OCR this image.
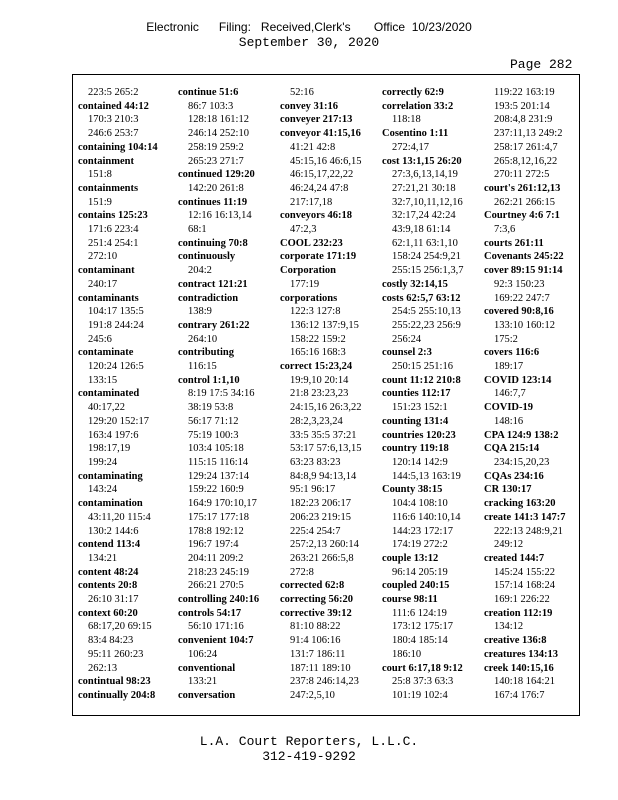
Electronic      Filing:   Received,Clerk's       Office  10/23/2020
September 30, 2020
Page 282
223:5 265:2
contained 44:12
170:3 210:3
246:6 253:7
containing 104:14
containment
151:8
containments
151:9
contains 125:23
171:6 223:4
251:4 254:1
272:10
contaminant
240:17
contaminants
104:17 135:5
191:8 244:24
245:6
contaminate
120:24 126:5
133:15
contaminated
40:17,22
129:20 152:17
163:4 197:6
198:17,19
199:24
contaminating
143:24
contamination
43:11,20 115:4
130:2 144:6
contend 113:4
134:21
content 48:24
contents 20:8
26:10 31:17
context 60:20
68:17,20 69:15
83:4 84:23
95:11 260:23
262:13
contintual 98:23
continually 204:8
continue 51:6
86:7 103:3
128:18 161:12
246:14 252:10
258:19 259:2
265:23 271:7
continued 129:20
142:20 261:8
continues 11:19
12:16 16:13,14
68:1
continuing 70:8
continuously
204:2
contract 121:21
contradiction
138:9
contrary 261:22
264:10
contributing
116:15
control 1:1,10
8:19 17:5 34:16
38:19 53:8
56:17 71:12
75:19 100:3
103:4 105:18
115:15 116:14
129:24 137:14
159:22 160:9
164:9 170:10,17
175:17 177:18
178:8 192:12
196:7 197:4
204:11 209:2
218:23 245:19
266:21 270:5
controlling 240:16
controls 54:17
56:10 171:16
convenient 104:7
106:24
conventional
133:21
conversation
52:16
convey 31:16
conveyer 217:13
conveyor 41:15,16
41:21 42:8
45:15,16 46:6,15
46:15,17,22,22
46:24,24 47:8
217:17,18
conveyors 46:18
47:2,3
COOL 232:23
corporate 171:19
Corporation
177:19
corporations
122:3 127:8
136:12 137:9,15
158:22 159:2
165:16 168:3
correct 15:23,24
19:9,10 20:14
21:8 23:23,23
24:15,16 26:3,22
28:2,3,23,24
33:5 35:5 37:21
53:17 57:6,13,15
63:23 83:23
84:8,9 94:13,14
95:1 96:17
182:23 206:17
206:23 219:15
225:4 254:7
257:2,13 260:14
263:21 266:5,8
272:8
corrected 62:8
correcting 56:20
corrective 39:12
81:10 88:22
91:4 106:16
131:7 186:11
187:11 189:10
237:8 246:14,23
247:2,5,10
correctly 62:9
correlation 33:2
118:18
Cosentino 1:11
272:4,17
cost 13:1,15 26:20
27:3,6,13,14,19
27:21,21 30:18
32:7,10,11,12,16
32:17,24 42:24
43:9,18 61:14
62:1,11 63:1,10
158:24 254:9,21
255:15 256:1,3,7
costly 32:14,15
costs 62:5,7 63:12
254:5 255:10,13
255:22,23 256:9
256:24
counsel 2:3
250:15 251:16
count 11:12 210:8
counties 112:17
151:23 152:1
counting 131:4
countries 120:23
country 119:18
120:14 142:9
144:5,13 163:19
County 38:15
104:4 108:10
116:6 140:10,14
144:23 172:17
174:19 272:2
couple 13:12
96:14 205:19
coupled 240:15
course 98:11
111:6 124:19
173:12 175:17
180:4 185:14
186:10
court 6:17,18 9:12
25:8 37:3 63:3
101:19 102:4
119:22 163:19
193:5 201:14
208:4,8 231:9
237:11,13 249:2
258:17 261:4,7
265:8,12,16,22
270:11 272:5
court's 261:12,13
262:21 266:15
Courtney 4:6 7:1
7:3,6
courts 261:11
Covenants 245:22
cover 89:15 91:14
92:3 150:23
169:22 247:7
covered 90:8,16
133:10 160:12
175:2
covers 116:6
189:17
COVID 123:14
146:7,7
COVID-19
148:16
CPA 124:9 138:2
CQA 215:14
234:15,20,23
CQAs 234:16
CR 130:17
cracking 163:20
create 141:3 147:7
222:13 248:9,21
249:12
created 144:7
145:24 155:22
157:14 168:24
169:1 226:22
creation 112:19
134:12
creative 136:8
creatures 134:13
creek 140:15,16
140:18 164:21
167:4 176:7
L.A. Court Reporters, L.L.C.
312-419-9292
